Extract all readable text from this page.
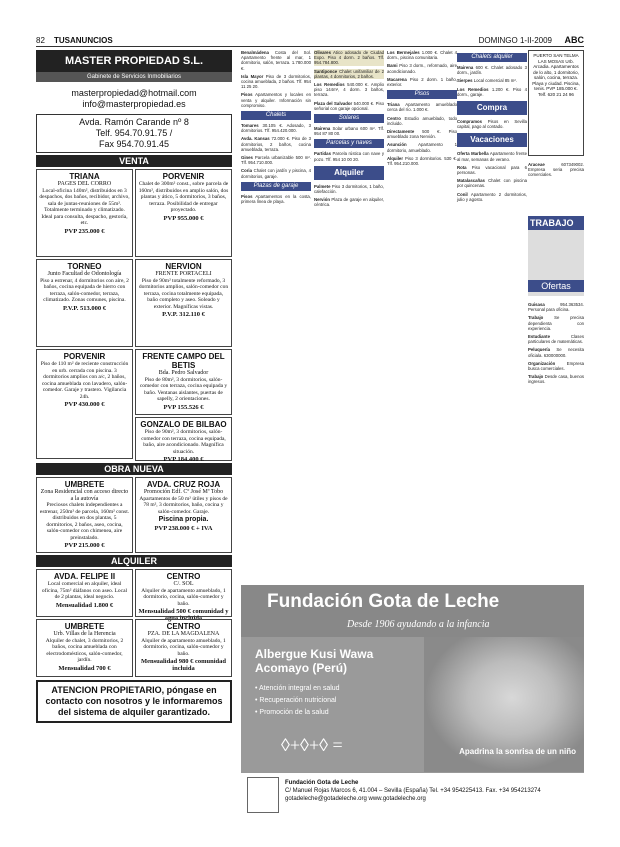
82 TUSANUNCIOS	DOMINGO 1-II-2009 ABC
MASTER PROPIEDAD S.L.
Gabinete de Servicios Inmobiliarios
masterpropiedad@hotmail.com
info@masterpropiedad.es
Avda. Ramón Carande nº 8
Telf. 954.70.91.75 /
Fax 954.70.91.45
VENTA
TRIANA
PAGES DEL CORRO
Local-oficina 140m², distribuidos en 3 despachos, dos baños, recibidor, archivo, sala de juntas-reuniones de 55m². Totalmente terminado y climatizado. Ideal para consulta, despacho, gestoría, etc.
PVP 235.000 €
PORVENIR
Chalet de 300m² const., sobre parcela de 160m², distribuidos en amplio salón, dos plantas y ático, 5 dormitorios, 3 baños, terraza. Posibilidad de entregar proyectado.
PVP 955.000 €
TORNEO
Junto Facultad de Odontología
Piso a estrenar, 4 dormitorios con aire, 2 baños, cocina equipada de hierro con terraza, salón-comedor, terraza, climatizado. Zonas comunes, piscina.
P.V.P. 513.000 €
NERVION
FRENTE PORTACELI
Piso de 90m² totalmente reformado, 3 dormitorios amplios, salón-comedor con terraza, cocina totalmente equipada, baño completo y aseo. Soleado y exterior. Magníficas vistas.
P.V.P. 312.110 €
PORVENIR
Piso de 110 m² de reciente construcción en urb. cerrada con piscina. 3 dormitorios amplios con a/c, 2 baños, cocina amueblada con lavadero, salón-comedor. Garaje y trastero. Vigilancia 24h.
PVP 430.000 €
FRENTE CAMPO DEL BETIS
Bda. Pedro Salvador
Piso de 80m², 3 dormitorios, salón-comedor con terraza, cocina equipada y baño. Ventanas aislantes, puertas de sapelly, 2 orientaciones.
PVP 155.526 €
GONZALO DE BILBAO
Piso de 90m², 3 dormitorios, salón-comedor con terraza, cocina equipada, baño, aire acondicionado. Magnífica situación.
PVP 184.400 €
OBRA NUEVA
UMBRETE
Zona Residencial con acceso directo a la autovía
Preciosos chalets independientes a estrenar, 250m² de parcela, 160m² const. distribuidos en dos plantas, 5 dormitorios, 2 baños, aseo, cocina, salón-comedor con chimenea, aire preinstalado.
PVP 215.000 €
AVDA. CRUZ ROJA
Promoción Edf. Cº José Mª Tobo
Apartamentos de 50 m² útiles y pisos de 78 m², 3 dormitorios, baño, cocina y salón-comedor. Garaje.
Piscina propia.
PVP 238.000 € + IVA
ALQUILER
AVDA. FELIPE II
Local comercial en alquiler, ideal oficina, 75m² diáfanos con aseo. Local de 2 plantas, ideal negocio.
Mensualidad 1.800 €
CENTRO
C/. SOL
Alquiler de apartamento amueblado, 1 dormitorio, cocina, salón-comedor y baño.
Mensualidad 500 € comunidad y agua incluida
UMBRETE
Urb. Villas de la Herencia
Alquiler de chalet, 3 dormitorios, 2 baños, cocina amueblada con electrodomésticos, salón-comedor, jardín.
Mensualidad 700 €
CENTRO
PZA. DE LA MAGDALENA
Alquiler de apartamento amueblado, 1 dormitorio, cocina, salón-comedor y baño.
Mensualidad 980 € comunidad incluida
ATENCION PROPIETARIO, póngase en contacto con nosotros y le informaremos del sistema de alquiler garantizado.

Benalmádena Costa del Sol. Apartamento frente al mar, 1 dormitorio, salón, terraza. 1.780.000 €.

Isla Mayor Piso de 3 dormitorios, cocina amueblada, 2 baños. Tlf. 954 11 25 20.

Pisos Apartamentos y locales en venta y alquiler. Información sin compromiso.

Chalets

Tomares 30.105 €. Adosado, 3 dormitorios. Tlf. 954.420.000.

Avda. Kansas 72.000 €. Piso de 3 dormitorios, 2 baños, cocina amueblada, terraza.

Gines Parcela urbanizable 500 m². Tlf. 954.710.000.

Coria Chalet con jardín y piscina, 4 dormitorios, garaje.

Plazas de garaje

Pisos Apartamentos en la costa, primera línea de playa.

Olivares Atico adosado de Ciudad Expo. Piso 4 dorm. 2 baños. Tlf. 954.784.800.

Santiponce Chalet unifamiliar de 2 plantas, 4 dormitorios, 2 baños.

Los Remedios 540.000 €. Amplio piso 144m², 4 dorm. 3 baños, terraza.

Plaza del Salvador 540.000 €. Piso señorial con garaje opcional.

Solares

Mairena Solar urbano 600 m². Tlf. 954 87 80 00.

Parcelas y naves

Partidas Parcela rústica con nave y pozo. Tlf. 954 10 00 20.

Alquiler

Palmete Piso 3 dormitorios, 1 baño, calefacción.

Nervión Plaza de garaje en alquiler, céntrica.

Los Bermejales 1.000 €. Chalet 4 dorm., piscina comunitaria.

Bami Piso 3 dorm., reformado, aire acondicionado.

Macarena Piso 2 dorm. 1 baño, exterior.

Pisos

Triana Apartamento amueblado cerca del río. 1.000 €.

Centro Estudio amueblado, todo incluido.

Directamente 500 €. Piso amueblado zona Nervión.

Asunción	Apartamento 1 dormitorio, amueblado.

Alquiler Piso 3 dormitorios. 530 €. Tlf. 954.210.000.

Chalets alquiler

Mairena 600 €. Chalet adosado 3 dorm., jardín.

Sierpes Local comercial 85 m².

Los Remedios 1.200 €. Piso 4 dorm., garaje.

Compra

Compramos Pisos en Sevilla capital, pago al contado.

Vacaciones

Oferta Marbella Apartamento frente al mar, semanas de verano.

Rota Piso vacacional para 6 personas.

Matalascañas Chalet con piscina por quincenas.

Conil Apartamento 2 dormitorios, julio y agosto.

PUERTO SAN TELMA LAS MOSAS Urb. Arcadia. Apartamentos de lo alto, 1 dormitorio, salón, cocina, terraza. Playa y ciudad. Piscina, tenis. PVP 185.000 €. Telf. 620 21 24 96

Araceae	607349002. Empresa seria precisa comerciales.

TRABAJO
Ofertas

Guisasa	954.363534. Personal para oficina.

Trabajo	Se precisa dependienta con experiencia.

Estudiante	Clases particulares de matemáticas.

Peluquería Se necesita oficiala. 630000000.

Organización	Empresa busca comerciales.

Trabajo Desde casa, buenos ingresos.

Fundación Gota de Leche
Desde 1906 ayudando a la infancia
Albergue Kusi Wawa
Acomayo (Perú)
• Atención integral en salud
• Recuperación nutricional
• Promoción de la salud
◊+◊+◊ =	Apadrina la sonrisa de un niño
Fundación Gota de Leche
C/ Manuel Rojas Marcos 6, 41.004 – Sevilla (España) Tel. +34 954225413. Fax. +34 954213274
gotadeleche@gotadeleche.org www.gotadeleche.org
